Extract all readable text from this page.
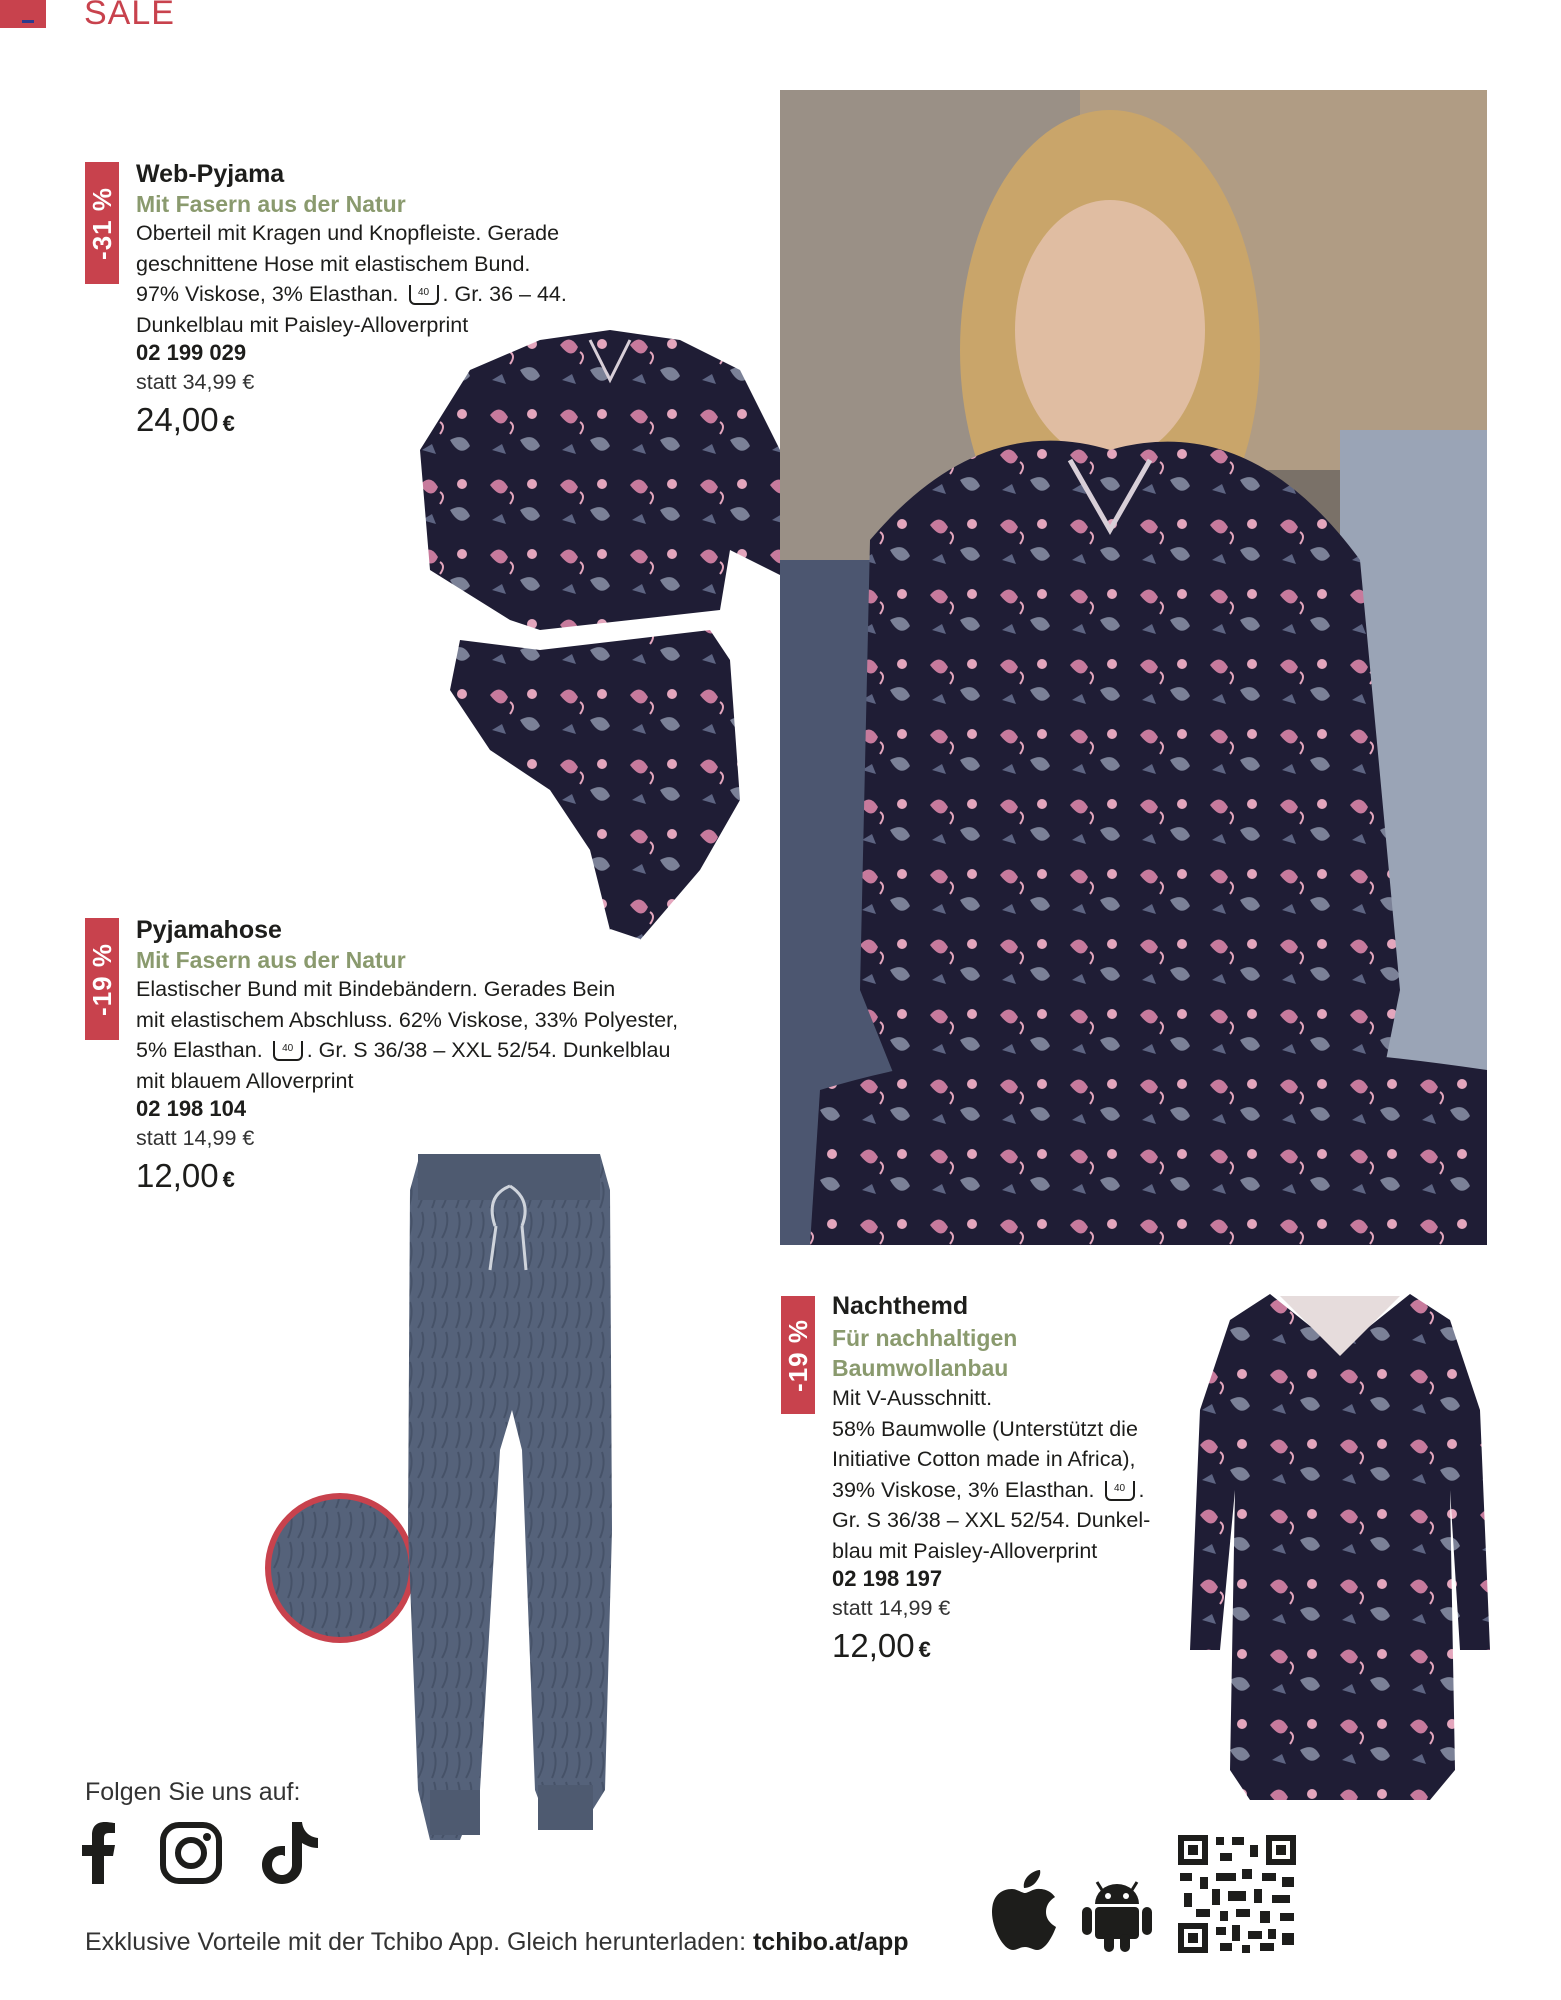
SALE
-31 %
Web-Pyjama
Mit Fasern aus der Natur
Oberteil mit Kragen und Knopfleiste. Gerade
geschnittene Hose mit elastischem Bund.
97% Viskose, 3% Elasthan. 40 . Gr. 36 – 44.
Dunkelblau mit Paisley-Alloverprint
02 199 029
statt 34,99 €
24,00 €
-19 %
Pyjamahose
Mit Fasern aus der Natur
Elastischer Bund mit Bindebändern. Gerades Bein
mit elastischem Abschluss. 62% Viskose, 33% Polyester,
5% Elasthan. 40 . Gr. S 36/38 – XXL 52/54. Dunkelblau
mit blauem Alloverprint
02 198 104
statt 14,99 €
12,00 €
-19 %
Nachthemd
Für nachhaltigen
Baumwollanbau
Mit V-Ausschnitt.
58% Baumwolle (Unterstützt die
Initiative Cotton made in Africa),
39% Viskose, 3% Elasthan. 40 .
Gr. S 36/38 – XXL 52/54. Dunkel-
blau mit Paisley-Alloverprint
02 198 197
statt 14,99 €
12,00 €
Folgen Sie uns auf:
Exklusive Vorteile mit der Tchibo App. Gleich herunterladen: tchibo.at/app
